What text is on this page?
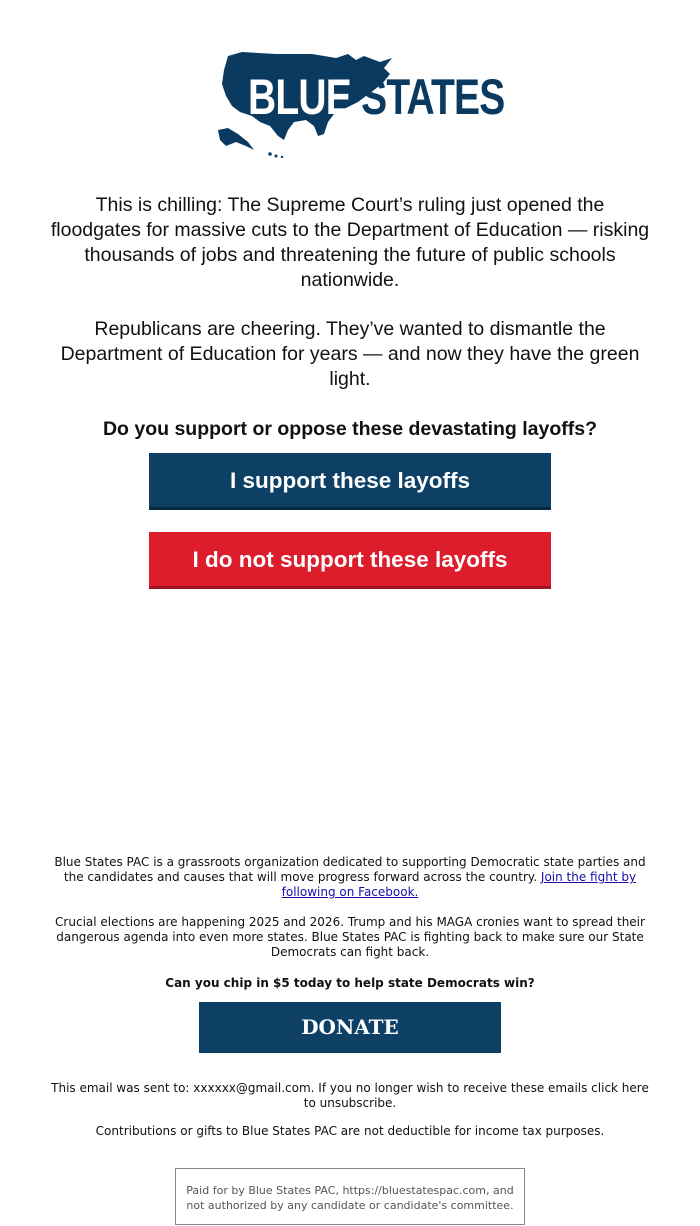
BLUE STATES

This is chilling: The Supreme Court’s ruling just opened the floodgates for massive cuts to the Department of Education — risking thousands of jobs and threatening the future of public schools nationwide.

Republicans are cheering. They’ve wanted to dismantle the Department of Education for years — and now they have the green light.

Do you support or oppose these devastating layoffs?

I support these layoffs
I do not support these layoffs

Blue States PAC is a grassroots organization dedicated to supporting Democratic state parties and the candidates and causes that will move progress forward across the country. Join the fight by following on Facebook.

Crucial elections are happening 2025 and 2026. Trump and his MAGA cronies want to spread their dangerous agenda into even more states. Blue States PAC is fighting back to make sure our State Democrats can fight back.

Can you chip in $5 today to help state Democrats win?

DONATE

This email was sent to: xxxxxx@gmail.com. If you no longer wish to receive these emails click here to unsubscribe.

Contributions or gifts to Blue States PAC are not deductible for income tax purposes.

Paid for by Blue States PAC, https://bluestatespac.com, and not authorized by any candidate or candidate's committee.
